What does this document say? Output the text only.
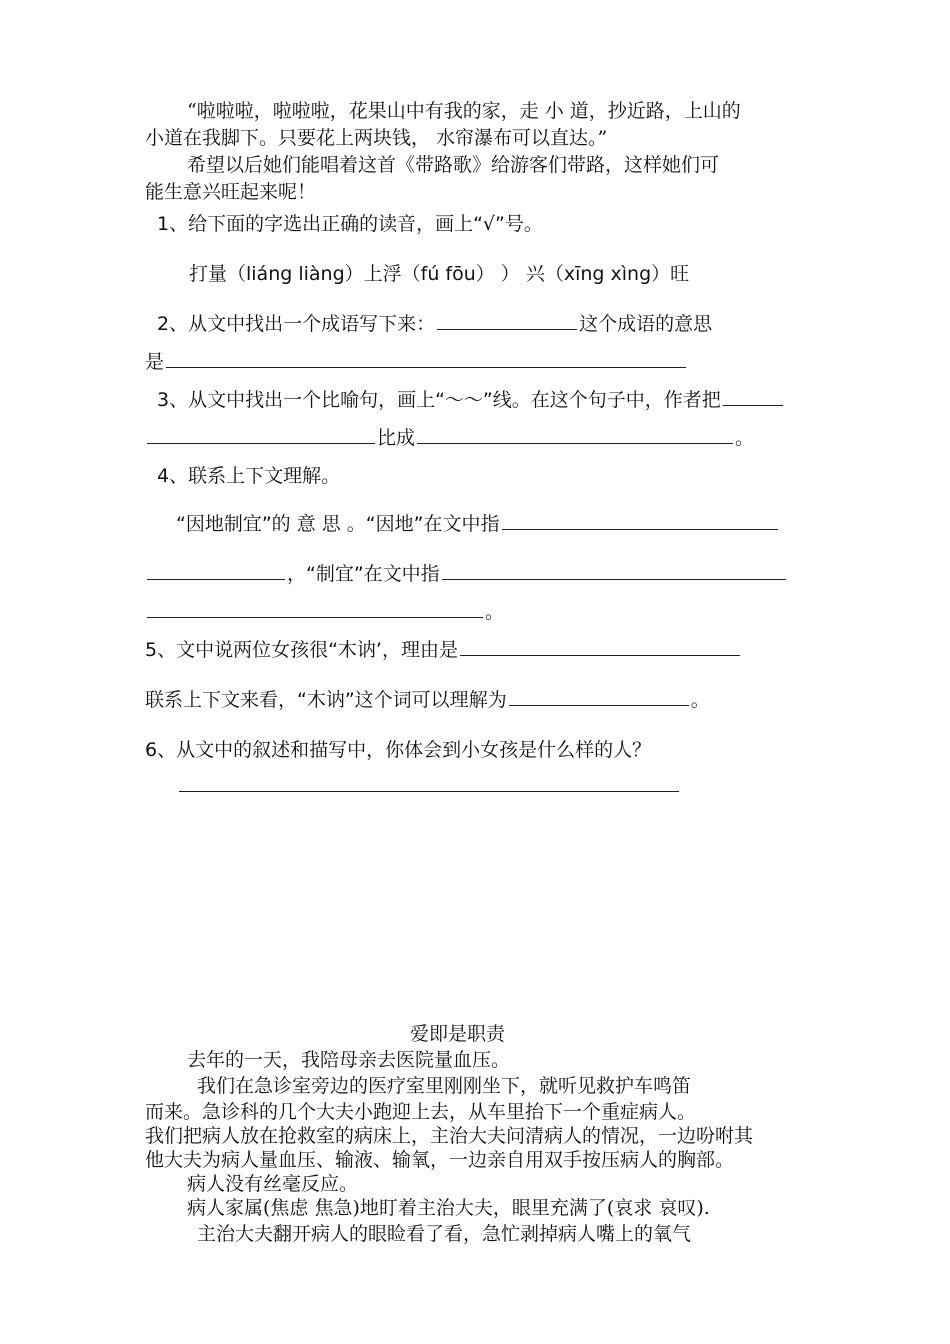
“啦啦啦，啦啦啦，花果山中有我的家，走 小 道，抄近路，上山的
小道在我脚下。只要花上两块钱， 水帘瀑布可以直达。”
希望以后她们能唱着这首《带路歌》给游客们带路，这样她们可
能生意兴旺起来呢！
1、给下面的字选出正确的读音，画上“√”号。
打量（liáng liàng）上浮（fú fōu） ） 兴（xīng xìng）旺
2、从文中找出一个成语写下来：	这个成语的意思
是
3、从文中找出一个比喻句，画上“～～”线。在这个句子中，作者把
比成	。
4、联系上下文理解。
“因地制宜”的 意 思 。“因地”在文中指
，“制宜”在文中指
。
5、文中说两位女孩很“木讷’，理由是
联系上下文来看，“木讷”这个词可以理解为	。
6、从文中的叙述和描写中，你体会到小女孩是什么样的人？
爱即是职责
去年的一天，我陪母亲去医院量血压。
我们在急诊室旁边的医疗室里刚刚坐下，就听见救护车鸣笛
而来。急诊科的几个大夫小跑迎上去，从车里抬下一个重症病人。
我们把病人放在抢救室的病床上，主治大夫问清病人的情况，一边吩咐其
他大夫为病人量血压、输液、输氧，一边亲自用双手按压病人的胸部。
病人没有丝毫反应。
病人家属(焦虑 焦急)地盯着主治大夫，眼里充满了(哀求 哀叹).
主治大夫翻开病人的眼睑看了看，急忙剥掉病人嘴上的氧气
